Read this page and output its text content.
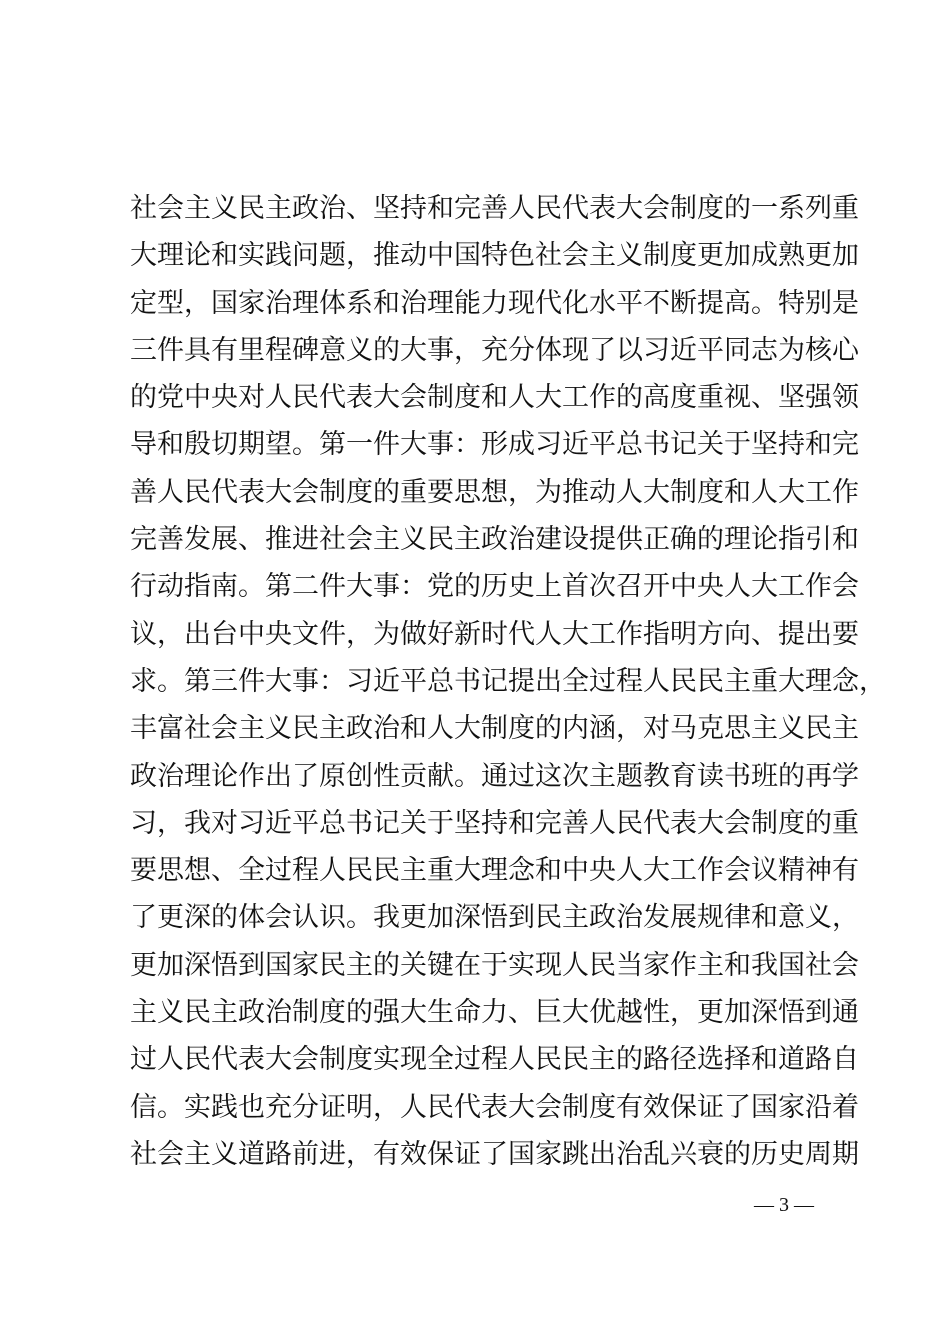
社会主义民主政治、坚持和完善人民代表大会制度的一系列重
大理论和实践问题，推动中国特色社会主义制度更加成熟更加
定型，国家治理体系和治理能力现代化水平不断提高。特别是
三件具有里程碑意义的大事，充分体现了以习近平同志为核心
的党中央对人民代表大会制度和人大工作的高度重视、坚强领
导和殷切期望。第一件大事：形成习近平总书记关于坚持和完
善人民代表大会制度的重要思想，为推动人大制度和人大工作
完善发展、推进社会主义民主政治建设提供正确的理论指引和
行动指南。第二件大事：党的历史上首次召开中央人大工作会
议，出台中央文件，为做好新时代人大工作指明方向、提出要
求。第三件大事：习近平总书记提出全过程人民民主重大理念，
丰富社会主义民主政治和人大制度的内涵，对马克思主义民主
政治理论作出了原创性贡献。通过这次主题教育读书班的再学
习，我对习近平总书记关于坚持和完善人民代表大会制度的重
要思想、全过程人民民主重大理念和中央人大工作会议精神有
了更深的体会认识。我更加深悟到民主政治发展规律和意义，
更加深悟到国家民主的关键在于实现人民当家作主和我国社会
主义民主政治制度的强大生命力、巨大优越性，更加深悟到通
过人民代表大会制度实现全过程人民民主的路径选择和道路自
信。实践也充分证明，人民代表大会制度有效保证了国家沿着
社会主义道路前进，有效保证了国家跳出治乱兴衰的历史周期
— 3 —
